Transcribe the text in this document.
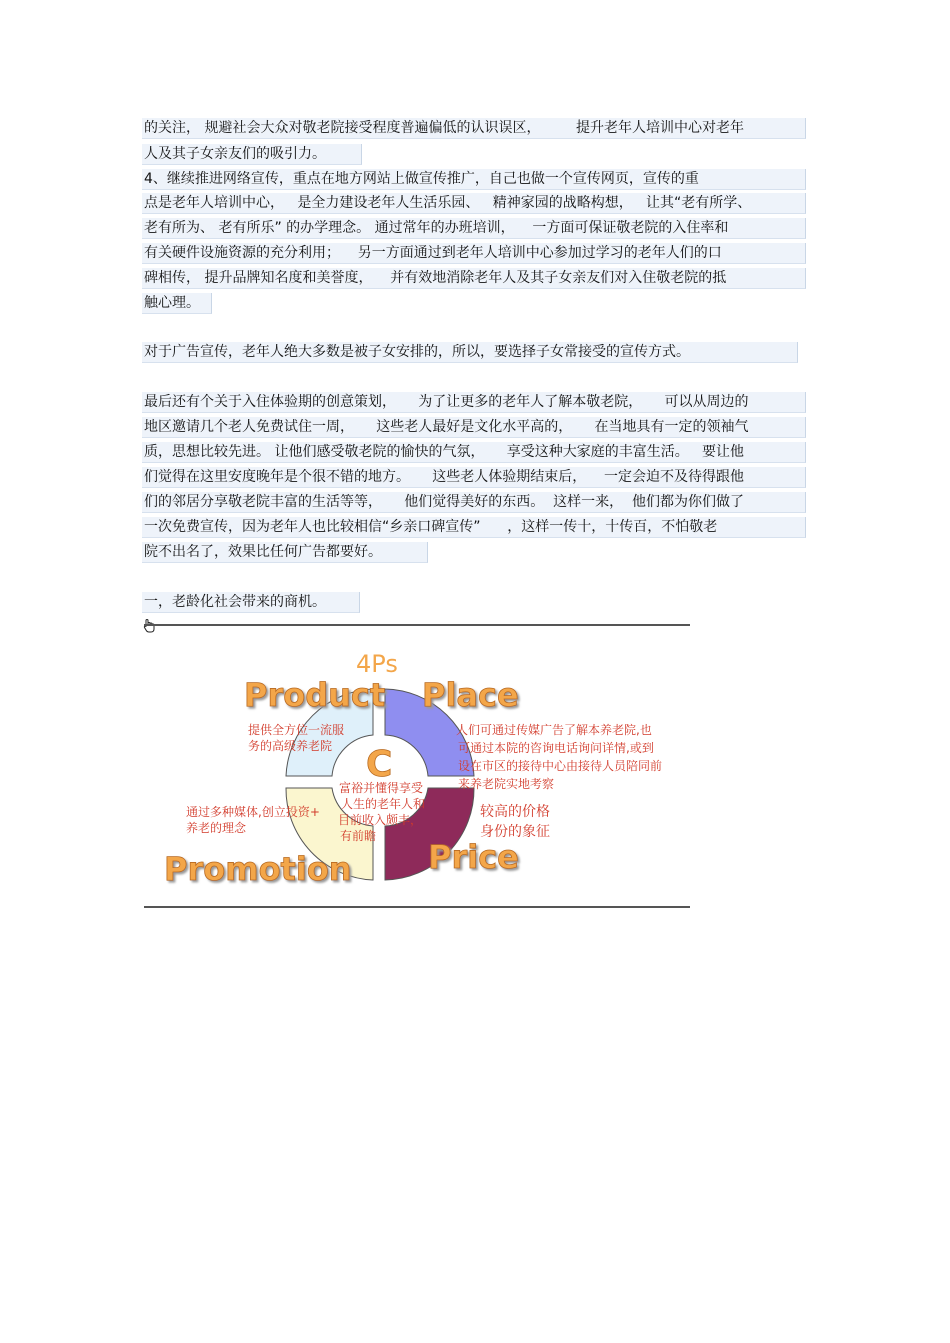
的关注， 规避社会大众对敬老院接受程度普遍偏低的认识误区，        提升老年人培训中心对老年
人及其子女亲友们的吸引力。
4、继续推进网络宣传，重点在地方网站上做宣传推广，自己也做一个宣传网页，宣传的重
点是老年人培训中心，   是全力建设老年人生活乐园、   精神家园的战略构想，   让其“老有所学、
老有所为、 老有所乐” 的办学理念。 通过常年的办班培训，    一方面可保证敬老院的入住率和
有关硬件设施资源的充分利用；    另一方面通过到老年人培训中心参加过学习的老年人们的口
碑相传， 提升品牌知名度和美誉度，    并有效地消除老年人及其子女亲友们对入住敬老院的抵
触心理。
对于广告宣传，老年人绝大多数是被子女安排的，所以，要选择子女常接受的宣传方式。
最后还有个关于入住体验期的创意策划，     为了让更多的老年人了解本敬老院，     可以从周边的
地区邀请几个老人免费试住一周，     这些老人最好是文化水平高的，     在当地具有一定的领袖气
质，思想比较先进。 让他们感受敬老院的愉快的气氛，     享受这种大家庭的丰富生活。   要让他
们觉得在这里安度晚年是个很不错的地方。     这些老人体验期结束后，    一定会迫不及待得跟他
们的邻居分享敬老院丰富的生活等等，     他们觉得美好的东西。  这样一来，  他们都为你们做了
一次免费宣传，因为老年人也比较相信“乡亲口碑宣传”      ，这样一传十，十传百，不怕敬老
院不出名了，效果比任何广告都要好。
一，老龄化社会带来的商机。
4Ps
Product Place
Promotion Price
C
富裕并懂得享受
人生的老年人和
目前收入颇丰，
有前瞻
提供全方位一流服
务的高级养老院
人们可通过传媒广告了解本养老院,也
可通过本院的咨询电话询问详情,或到
设在市区的接待中心由接待人员陪同前
来养老院实地考察
通过多种媒体,创立投资+
养老的理念
较高的价格
身份的象征
